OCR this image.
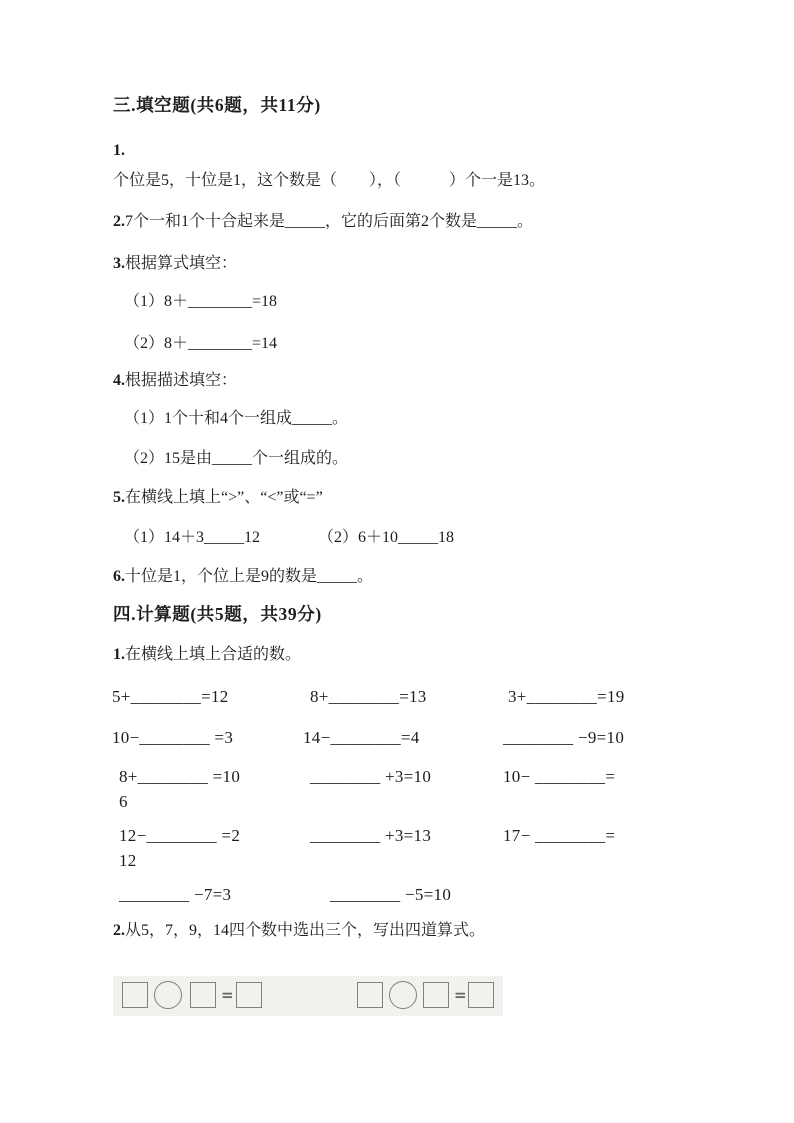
三.填空题(共6题，共11分)
1.
个位是5，十位是1，这个数是（　　），（　　　）个一是13。
2.7个一和1个十合起来是_____，它的后面第2个数是_____。
3.根据算式填空：
（1）8＋________=18
（2）8＋________=14
4.根据描述填空：
（1）1个十和4个一组成_____。
（2）15是由_____个一组成的。
5.在横线上填上“>”、“<”或“=”
（1）14＋3_____12	（2）6＋10_____18
6.十位是1，个位上是9的数是_____。
四.计算题(共5题，共39分)
1.在横线上填上合适的数。
5+________=12	8+________=13	3+________=19
10−________ =3	14−________=4	________ −9=10
8+________ =10	________ +3=10	10− ________=
6
12−________ =2	________ +3=13	17− ________=
12
________ −7=3	________ −5=10
2.从5，7，9，14四个数中选出三个，写出四道算式。
=	=
